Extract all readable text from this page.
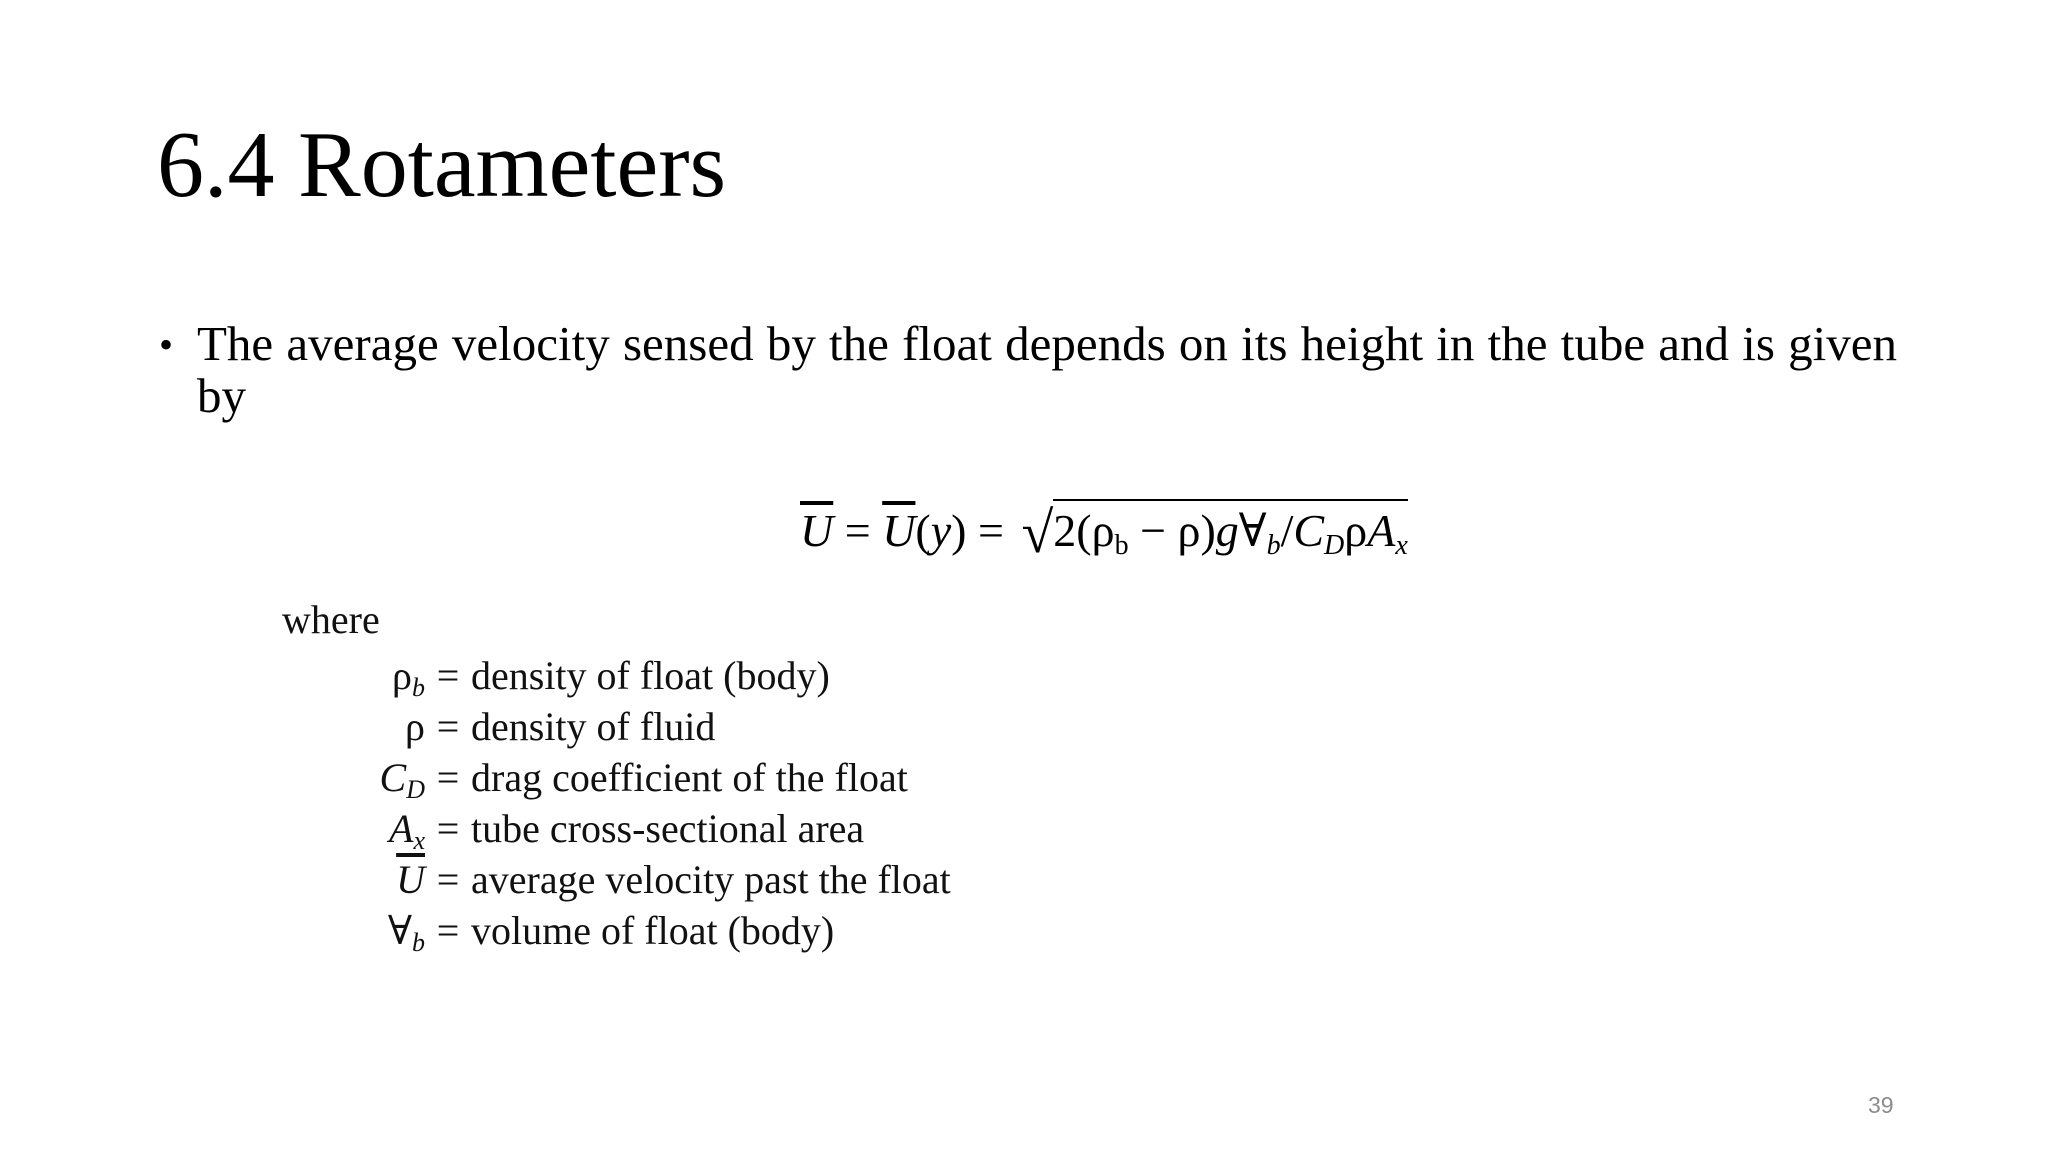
6.4 Rotameters
• The average velocity sensed by the float depends on its height in the tube and is given by
$\overline{U} = \overline{U}(y) = √2(\rho_b$ − $\rho)g\forall_b/C_D\rho A_x$
where
$\rho_b$ = density of float (body)
ρ = density of fluid
$C_D$ = drag coefficient of the float
$A_x$ = tube cross-sectional area
$\overline{U}$ = average velocity past the float
$\forall_b$ = volume of float (body)
39
